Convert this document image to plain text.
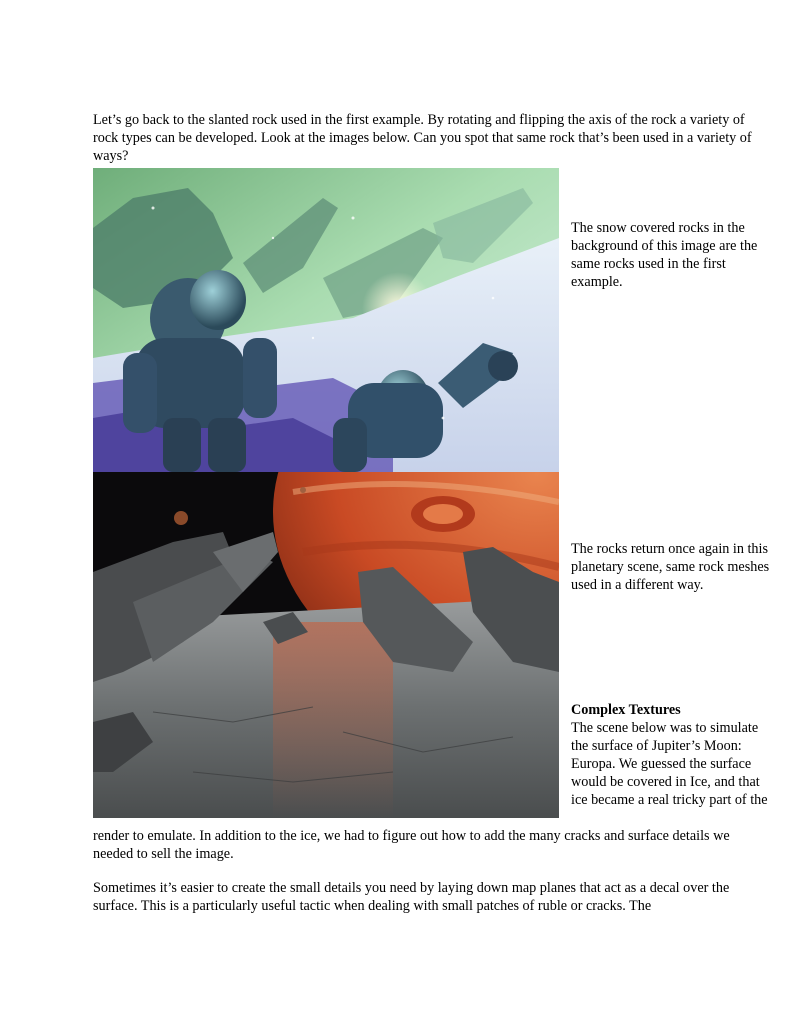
Let’s go back to the slanted rock used in the first example. By rotating and flipping the axis of the rock a variety of rock types can be developed. Look at the images below. Can you spot that same rock that’s been used in a variety of ways?

The snow covered rocks in the background of this image are the same rocks used in the first example.

The rocks return once again in this planetary scene, same rock meshes used in a different way.

Complex Textures

The scene below was to simulate the surface of Jupiter’s Moon: Europa. We guessed the surface would be covered in Ice, and that ice became a real tricky part of the

render to emulate. In addition to the ice, we had to figure out how to add the many cracks and surface details we needed to sell the image.

Sometimes it’s easier to create the small details you need by laying down map planes that act as a decal over the surface. This is a particularly useful tactic when dealing with small patches of ruble or cracks. The
